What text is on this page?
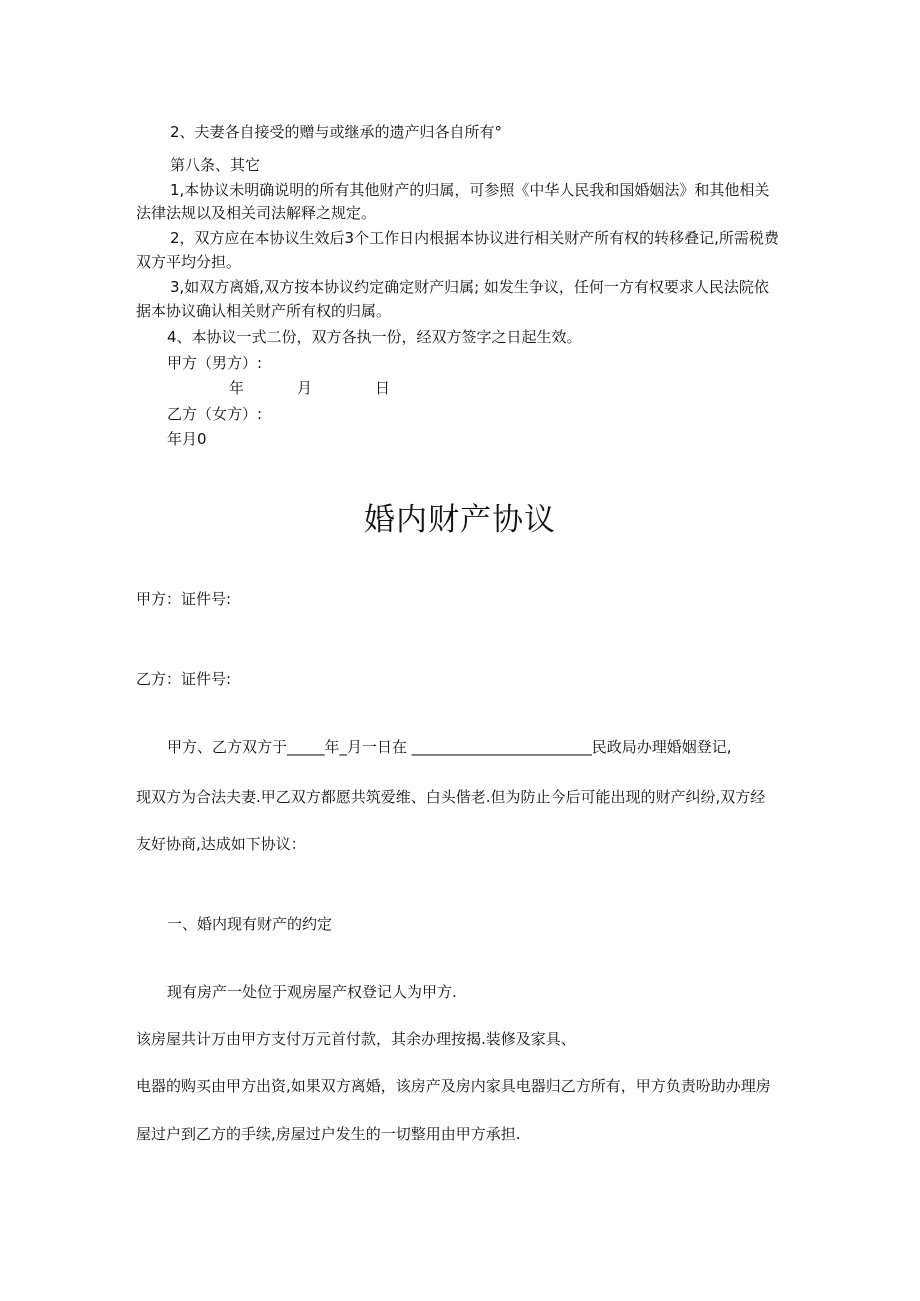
2、夫妻各自接受的赠与或继承的遗产归各自所有°

第八条、其它

1,本协议未明确说明的所有其他财产的归属，可参照《中华人民我和国婚姻法》和其他相关

法律法规以及相关司法解释之规定。

2，双方应在本协议生效后3个工作日内根据本协议进行相关财产所有权的转移叠记,所需税费

双方平均分担。

3,如双方离婚,双方按本协议约定确定财产归属; 如发生争议，任何一方有权要求人民法院依

据本协议确认相关财产所有权的归属。

4、本协议一式二份，双方各执一份，经双方签字之日起生效。

甲方（男方）:

年	月	日

乙方（女方）:

年月0

婚内财产协议

甲方：证件号:

乙方：证件号:

甲方、乙方双方于_____年_月一日在 ________________________民政局办理婚姻登记,

现双方为合法夫妻.甲乙双方都愿共筑爱维、白头偕老.但为防止今后可能出现的财产纠纷,双方经

友好协商,达成如下协议：

一、婚内现有财产的约定

现有房产一处位于观房屋产权登记人为甲方.

该房屋共计万由甲方支付万元首付款，其余办理按揭.装修及家具、

电器的购买由甲方出资,如果双方离婚，该房产及房内家具电器归乙方所有，甲方负责吩助办理房

屋过户到乙方的手续,房屋过户发生的一切整用由甲方承担.
